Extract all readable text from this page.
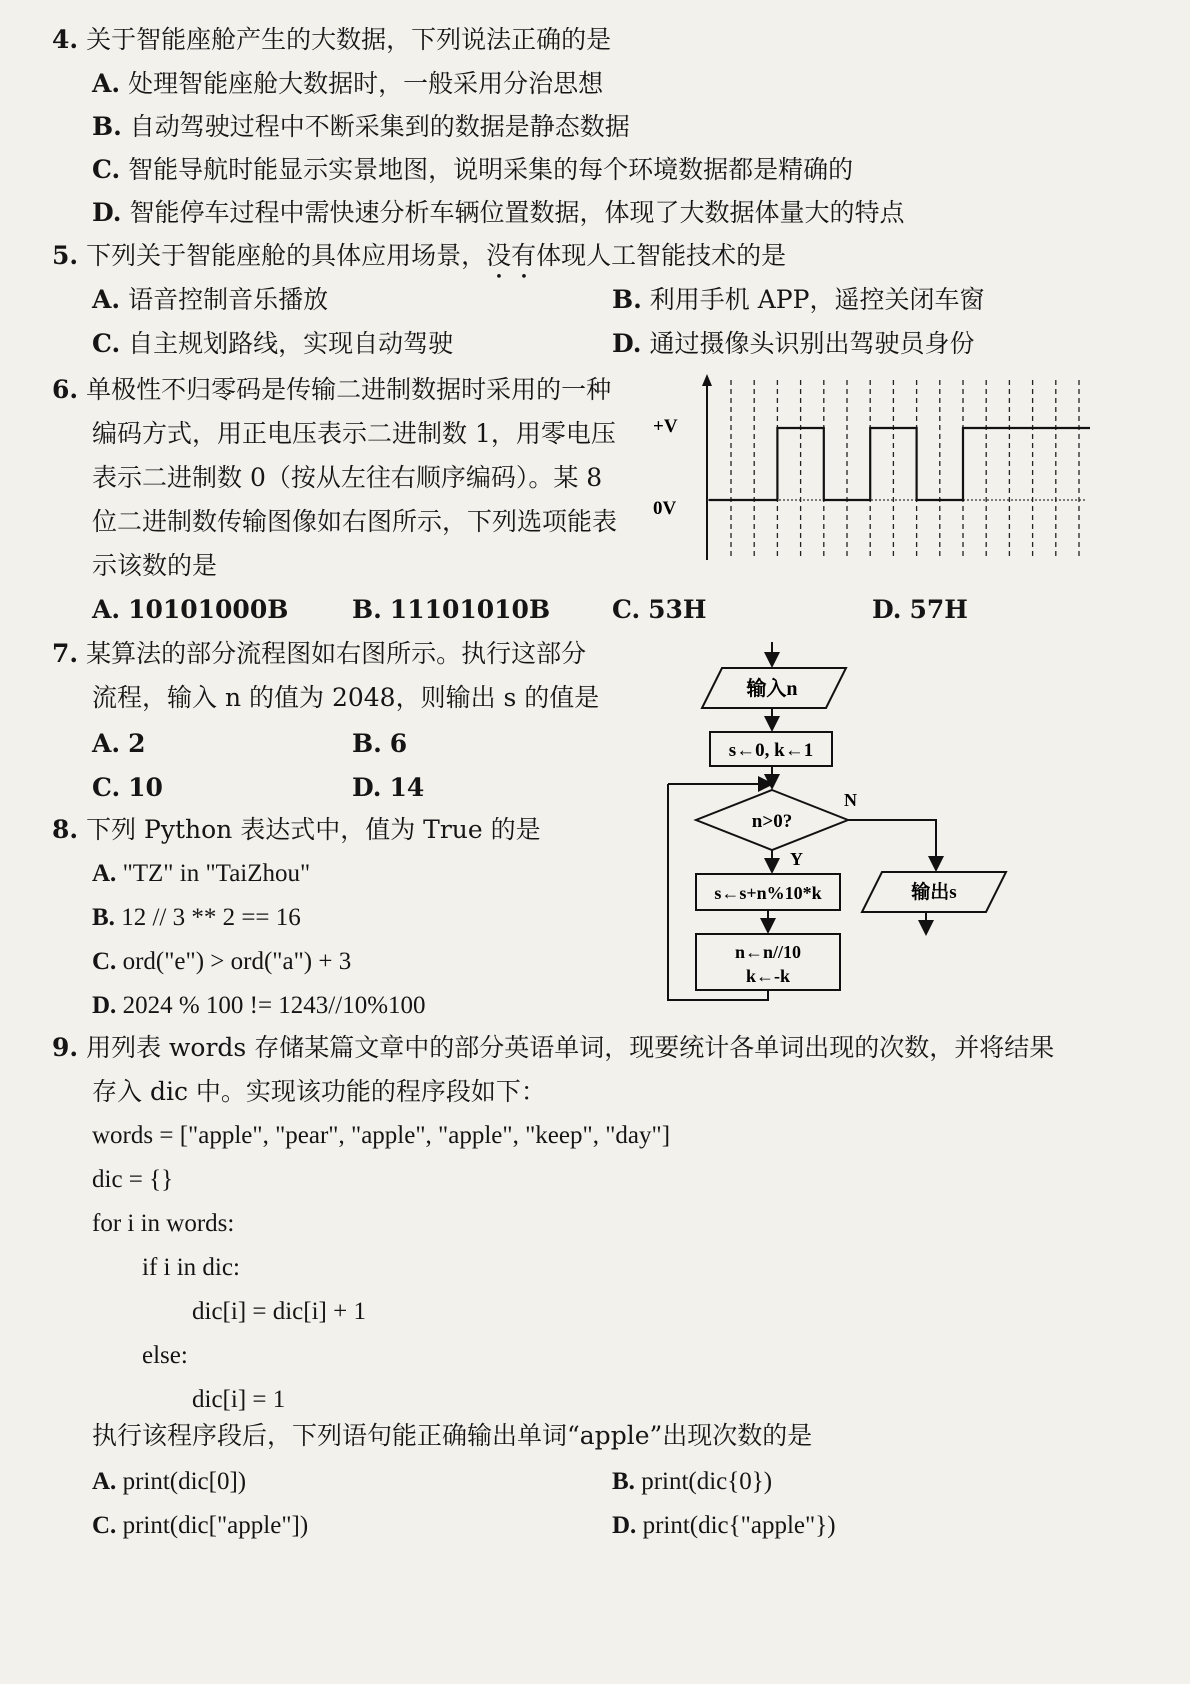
4. 关于智能座舱产生的大数据，下列说法正确的是
A. 处理智能座舱大数据时，一般采用分治思想
B. 自动驾驶过程中不断采集到的数据是静态数据
C. 智能导航时能显示实景地图，说明采集的每个环境数据都是精确的
D. 智能停车过程中需快速分析车辆位置数据，体现了大数据体量大的特点
5. 下列关于智能座舱的具体应用场景，没有体现人工智能技术的是
A. 语音控制音乐播放	B. 利用手机 APP，遥控关闭车窗
C. 自主规划路线，实现自动驾驶	D. 通过摄像头识别出驾驶员身份
6. 单极性不归零码是传输二进制数据时采用的一种
编码方式，用正电压表示二进制数 1，用零电压
表示二进制数 0（按从左往右顺序编码）。某 8
位二进制数传输图像如右图所示，下列选项能表
示该数的是
+V
0V
A. 10101000B	B. 11101010B C. 53H	D. 57H
7. 某算法的部分流程图如右图所示。执行这部分
流程，输入 n 的值为 2048，则输出 s 的值是
A. 2	B. 6
C. 10	D. 14
输入n
s←0, k←1
n>0?
N
Y
s←s+n%10*k	输出s
n←n//10
k←-k
8. 下列 Python 表达式中，值为 True 的是
A. "TZ" in "TaiZhou"
B. 12 // 3 ** 2 == 16
C. ord("e") > ord("a") + 3
D. 2024 % 100 != 1243//10%100
9. 用列表 words 存储某篇文章中的部分英语单词，现要统计各单词出现的次数，并将结果
存入 dic 中。实现该功能的程序段如下：
words = ["apple", "pear", "apple", "apple", "keep", "day"]
dic = {}
for i in words:
if i in dic:
dic[i] = dic[i] + 1
else:
dic[i] = 1
执行该程序段后，下列语句能正确输出单词“apple”出现次数的是
A. print(dic[0])	B. print(dic{0})
C. print(dic["apple"])	D. print(dic{"apple"})
